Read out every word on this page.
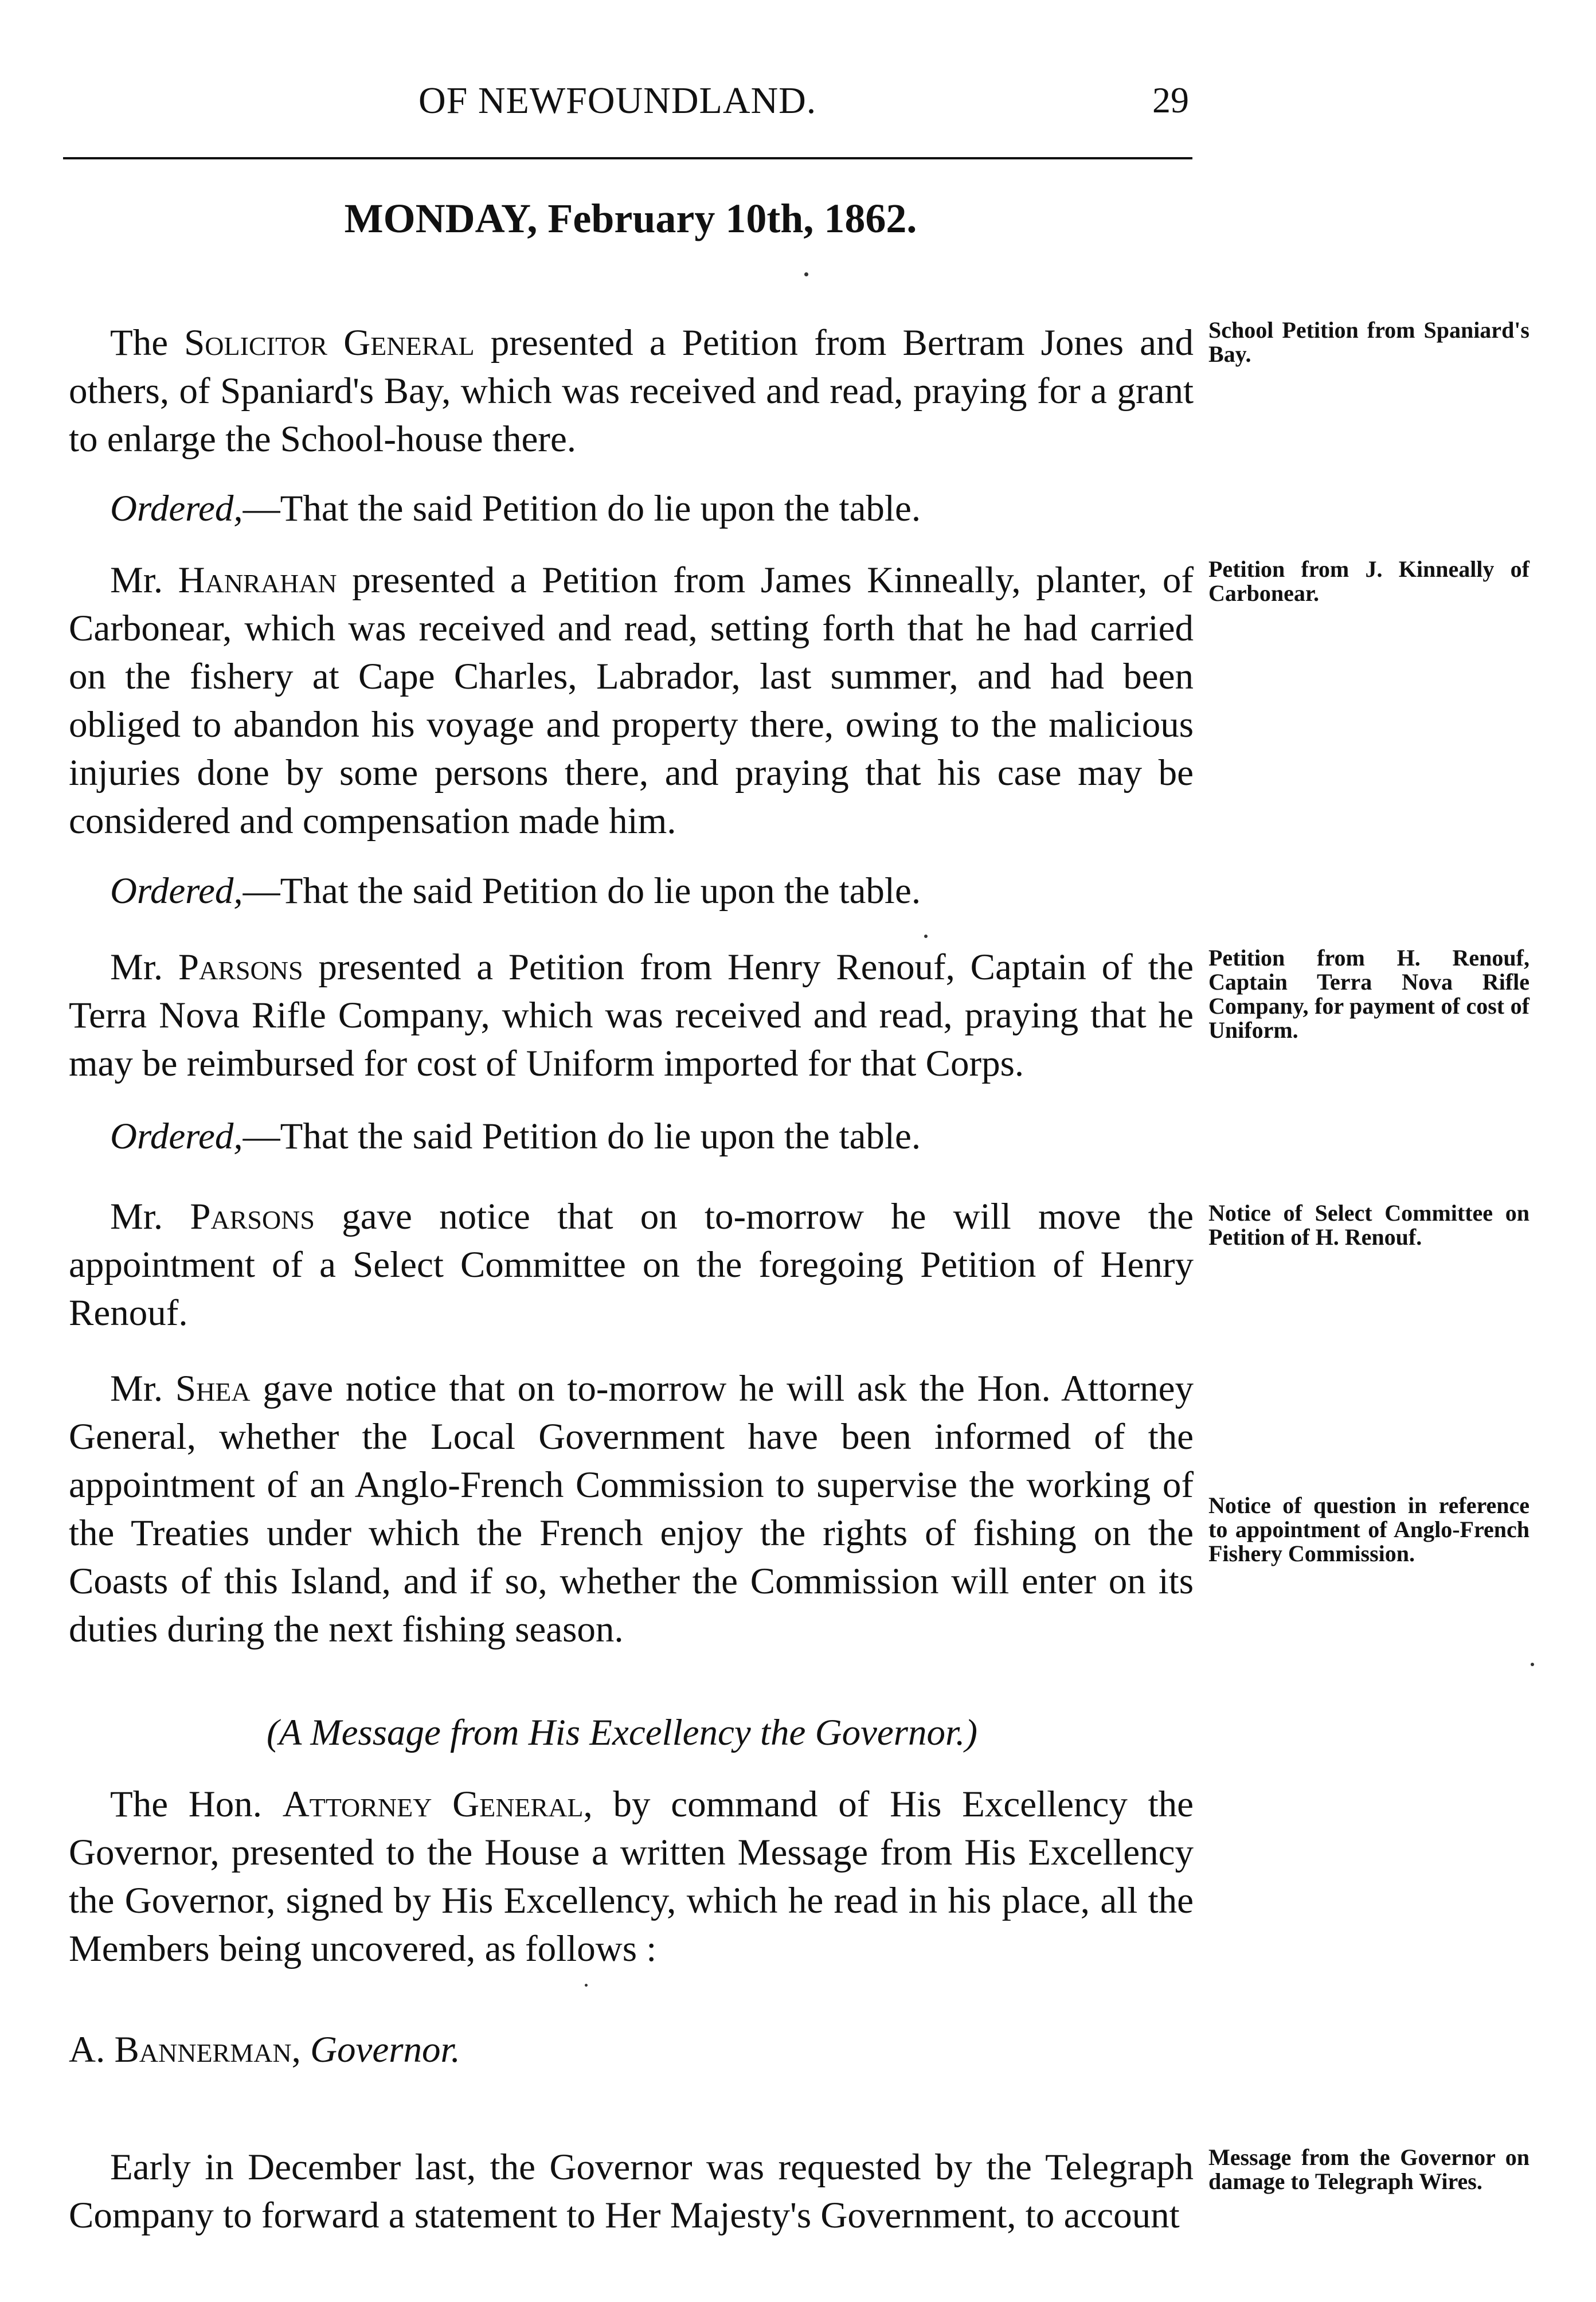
OF NEWFOUNDLAND.	29
MONDAY, February 10th, 1862.
The Solicitor General presented a Petition from Bertram Jones and others, of Spaniard's Bay, which was received and read, praying for a grant to enlarge the School-house there.
School Petition from Spaniard's Bay.
Ordered,—That the said Petition do lie upon the table.
Mr. Hanrahan presented a Petition from James Kinneally, planter, of Carbonear, which was received and read, setting forth that he had carried on the fishery at Cape Charles, Labrador, last summer, and had been obliged to abandon his voyage and property there, owing to the malicious injuries done by some persons there, and praying that his case may be considered and compensation made him.
Petition from J. Kinneally of Carbonear.
Ordered,—That the said Petition do lie upon the table.
Mr. Parsons presented a Petition from Henry Renouf, Captain of the Terra Nova Rifle Company, which was received and read, praying that he may be reimbursed for cost of Uniform imported for that Corps.
Petition from H. Renouf, Captain Terra Nova Rifle Company, for payment of cost of Uniform.
Ordered,—That the said Petition do lie upon the table.
Mr. Parsons gave notice that on to-morrow he will move the appointment of a Select Committee on the foregoing Petition of Henry Renouf.
Notice of Select Committee on Petition of H. Renouf.
Mr. Shea gave notice that on to-morrow he will ask the Hon. Attorney General, whether the Local Government have been informed of the appointment of an Anglo-French Commission to supervise the working of the Treaties under which the French enjoy the rights of fishing on the Coasts of this Island, and if so, whether the Commission will enter on its duties during the next fishing season.
Notice of question in reference to appointment of Anglo-French Fishery Commission.
(A Message from His Excellency the Governor.)
The Hon. Attorney General, by command of His Excellency the Governor, presented to the House a written Message from His Excellency the Governor, signed by His Excellency, which he read in his place, all the Members being uncovered, as follows :
A. Bannerman, Governor.
Early in December last, the Governor was requested by the Telegraph Company to forward a statement to Her Majesty's Government, to account
Message from the Governor on damage to Telegraph Wires.
